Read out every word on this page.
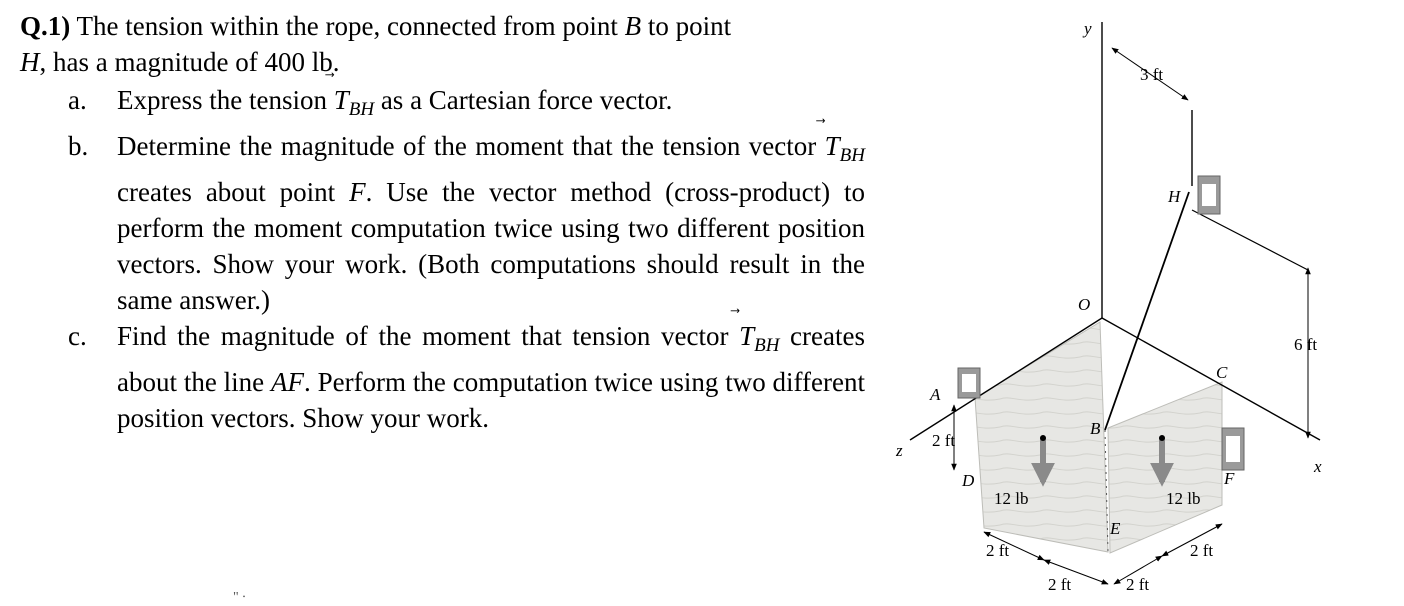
Q.1) The tension within the rope, connected from point B to point
H, has a magnitude of 400 lb.
a. Express the tension
$T_{BH}$ as a Cartesian force vector.
b. Determine the magnitude of the moment that the tension vector
$T_{BH}$ creates about point F. Use the vector method (cross-product) to perform the moment computation twice using two different position vectors. Show your work. (Both computations should result in the same answer.)
c. Find the magnitude of the moment that tension vector
$T_{BH}$ creates about the line AF. Perform the computation twice using two different position vectors. Show your work.
" ∙
y
x
z
O
H
A
B
C
D
E
F
3 ft
6 ft
2 ft
2 ft
2 ft	2 ft
2 ft
12 lb	12 lb
